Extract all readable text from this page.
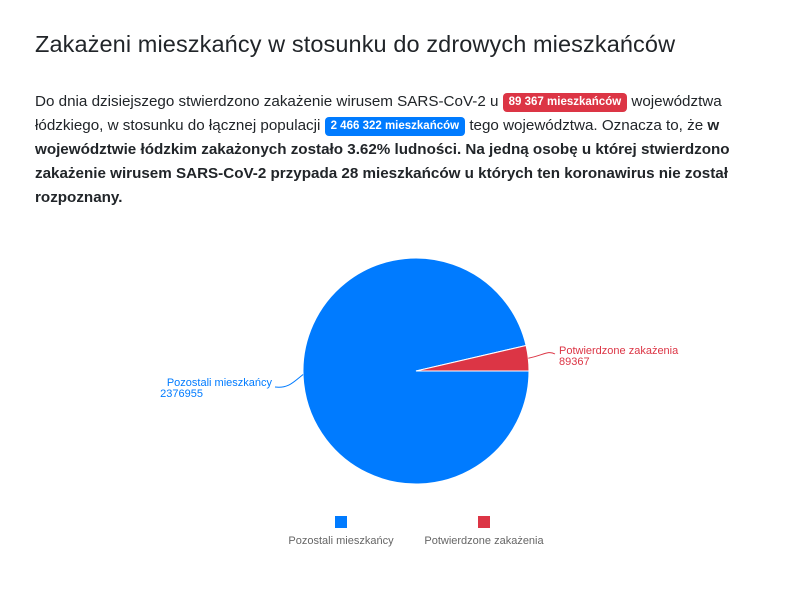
Zakażeni mieszkańcy w stosunku do zdrowych mieszkańców

Do dnia dzisiejszego stwierdzono zakażenie wirusem SARS-CoV-2 u 89 367 mieszkańców województwa łódzkiego, w stosunku do łącznej populacji 2 466 322 mieszkańców tego województwa. Oznacza to, że w województwie łódzkim zakażonych zostało 3.62% ludności. Na jedną osobę u której stwierdzono zakażenie wirusem SARS-CoV-2 przypada 28 mieszkańców u których ten koronawirus nie został rozpoznany.

Potwierdzone zakażenia
89367
Pozostali mieszkańcy
2376955
Pozostali mieszkańcy	Potwierdzone zakażenia
